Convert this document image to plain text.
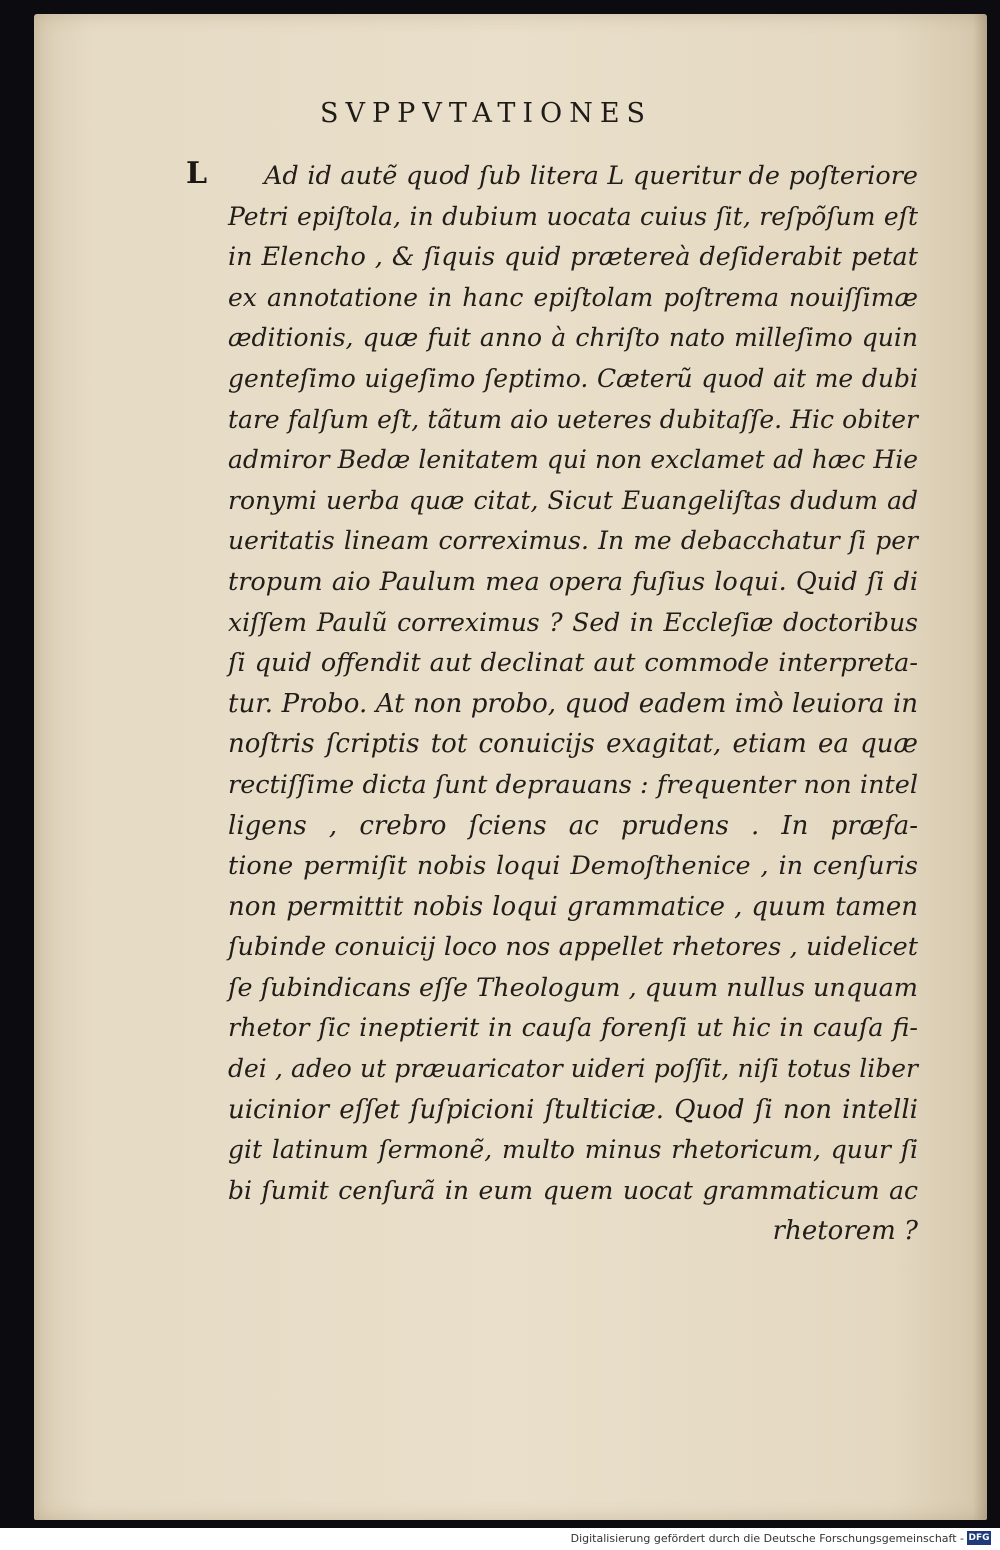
SVPPVTATIONES
L	Ad id autẽ quod ſub litera L queritur de poſteriore
Petri epiſtola, in dubium uocata cuius ſit, reſpõſum eſt
in Elencho , & ſiquis quid prætereà deſiderabit petat
ex annotatione in hanc epiſtolam poſtrema nouiſſimæ
æditionis, quæ fuit anno à chriſto nato milleſimo quin
genteſimo uigeſimo ſeptimo. Cæterũ quod ait me dubi
tare falſum eſt, tãtum aio ueteres dubitaſſe. Hic obiter
admiror Bedæ lenitatem qui non exclamet ad hæc Hie
ronymi uerba quæ citat, Sicut Euangeliſtas dudum ad
ueritatis lineam correximus. In me debacchatur ſi per
tropum aio Paulum mea opera fuſius loqui. Quid ſi di
xiſſem Paulũ correximus ? Sed in Eccleſiæ doctoribus
ſi quid offendit aut declinat aut commode interpreta-
tur. Probo. At non probo, quod eadem imò leuiora in
noſtris ſcriptis tot conuicijs exagitat, etiam ea quæ
rectiſſime dicta ſunt deprauans : frequenter non intel
ligens , crebro ſciens ac prudens . In præfa-
tione permiſit nobis loqui Demoſthenice , in cenſuris
non permittit nobis loqui grammatice , quum tamen
ſubinde conuicij loco nos appellet rhetores , uidelicet
ſe ſubindicans eſſe Theologum , quum nullus unquam
rhetor ſic ineptierit in cauſa forenſi ut hic in cauſa fi-
dei , adeo ut præuaricator uideri poſſit, niſi totus liber
uicinior eſſet ſuſpicioni ſtulticiæ. Quod ſi non intelli
git latinum ſermonẽ, multo minus rhetoricum, quur ſi
bi ſumit cenſurã in eum quem uocat grammaticum ac
rhetorem ?
Digitalisierung gefördert durch die Deutsche Forschungsgemeinschaft - DFG
